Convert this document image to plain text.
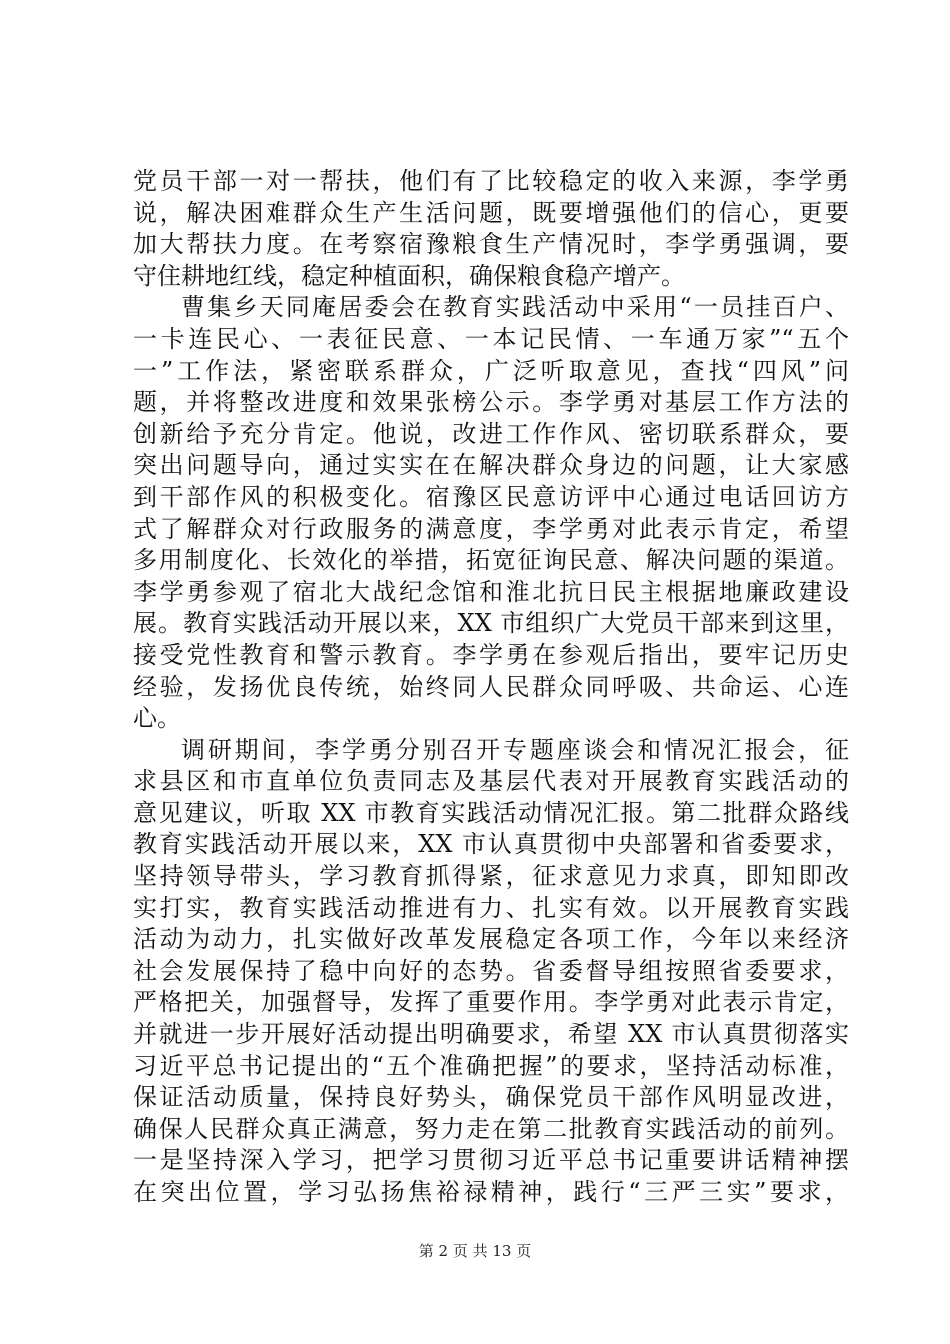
党员干部一对一帮扶，他们有了比较稳定的收入来源，李学勇
说，解决困难群众生产生活问题，既要增强他们的信心，更要
加大帮扶力度。在考察宿豫粮食生产情况时，李学勇强调，要
守住耕地红线，稳定种植面积，确保粮食稳产增产。
曹集乡天同庵居委会在教育实践活动中采用“一员挂百户、
一卡连民心、一表征民意、一本记民情、一车通万家”“五个
一”工作法，紧密联系群众，广泛听取意见，查找“四风”问
题，并将整改进度和效果张榜公示。李学勇对基层工作方法的
创新给予充分肯定。他说，改进工作作风、密切联系群众，要
突出问题导向，通过实实在在解决群众身边的问题，让大家感
到干部作风的积极变化。宿豫区民意访评中心通过电话回访方
式了解群众对行政服务的满意度，李学勇对此表示肯定，希望
多用制度化、长效化的举措，拓宽征询民意、解决问题的渠道。
李学勇参观了宿北大战纪念馆和淮北抗日民主根据地廉政建设
展。教育实践活动开展以来，XX 市组织广大党员干部来到这里，
接受党性教育和警示教育。李学勇在参观后指出，要牢记历史
经验，发扬优良传统，始终同人民群众同呼吸、共命运、心连
心。
调研期间，李学勇分别召开专题座谈会和情况汇报会，征
求县区和市直单位负责同志及基层代表对开展教育实践活动的
意见建议，听取 XX 市教育实践活动情况汇报。第二批群众路线
教育实践活动开展以来，XX 市认真贯彻中央部署和省委要求，
坚持领导带头，学习教育抓得紧，征求意见力求真，即知即改
实打实，教育实践活动推进有力、扎实有效。以开展教育实践
活动为动力，扎实做好改革发展稳定各项工作，今年以来经济
社会发展保持了稳中向好的态势。省委督导组按照省委要求，
严格把关，加强督导，发挥了重要作用。李学勇对此表示肯定，
并就进一步开展好活动提出明确要求，希望 XX 市认真贯彻落实
习近平总书记提出的“五个准确把握”的要求，坚持活动标准，
保证活动质量，保持良好势头，确保党员干部作风明显改进，
确保人民群众真正满意，努力走在第二批教育实践活动的前列。
一是坚持深入学习，把学习贯彻习近平总书记重要讲话精神摆
在突出位置，学习弘扬焦裕禄精神，践行“三严三实”要求，
第 2 页 共 13 页
